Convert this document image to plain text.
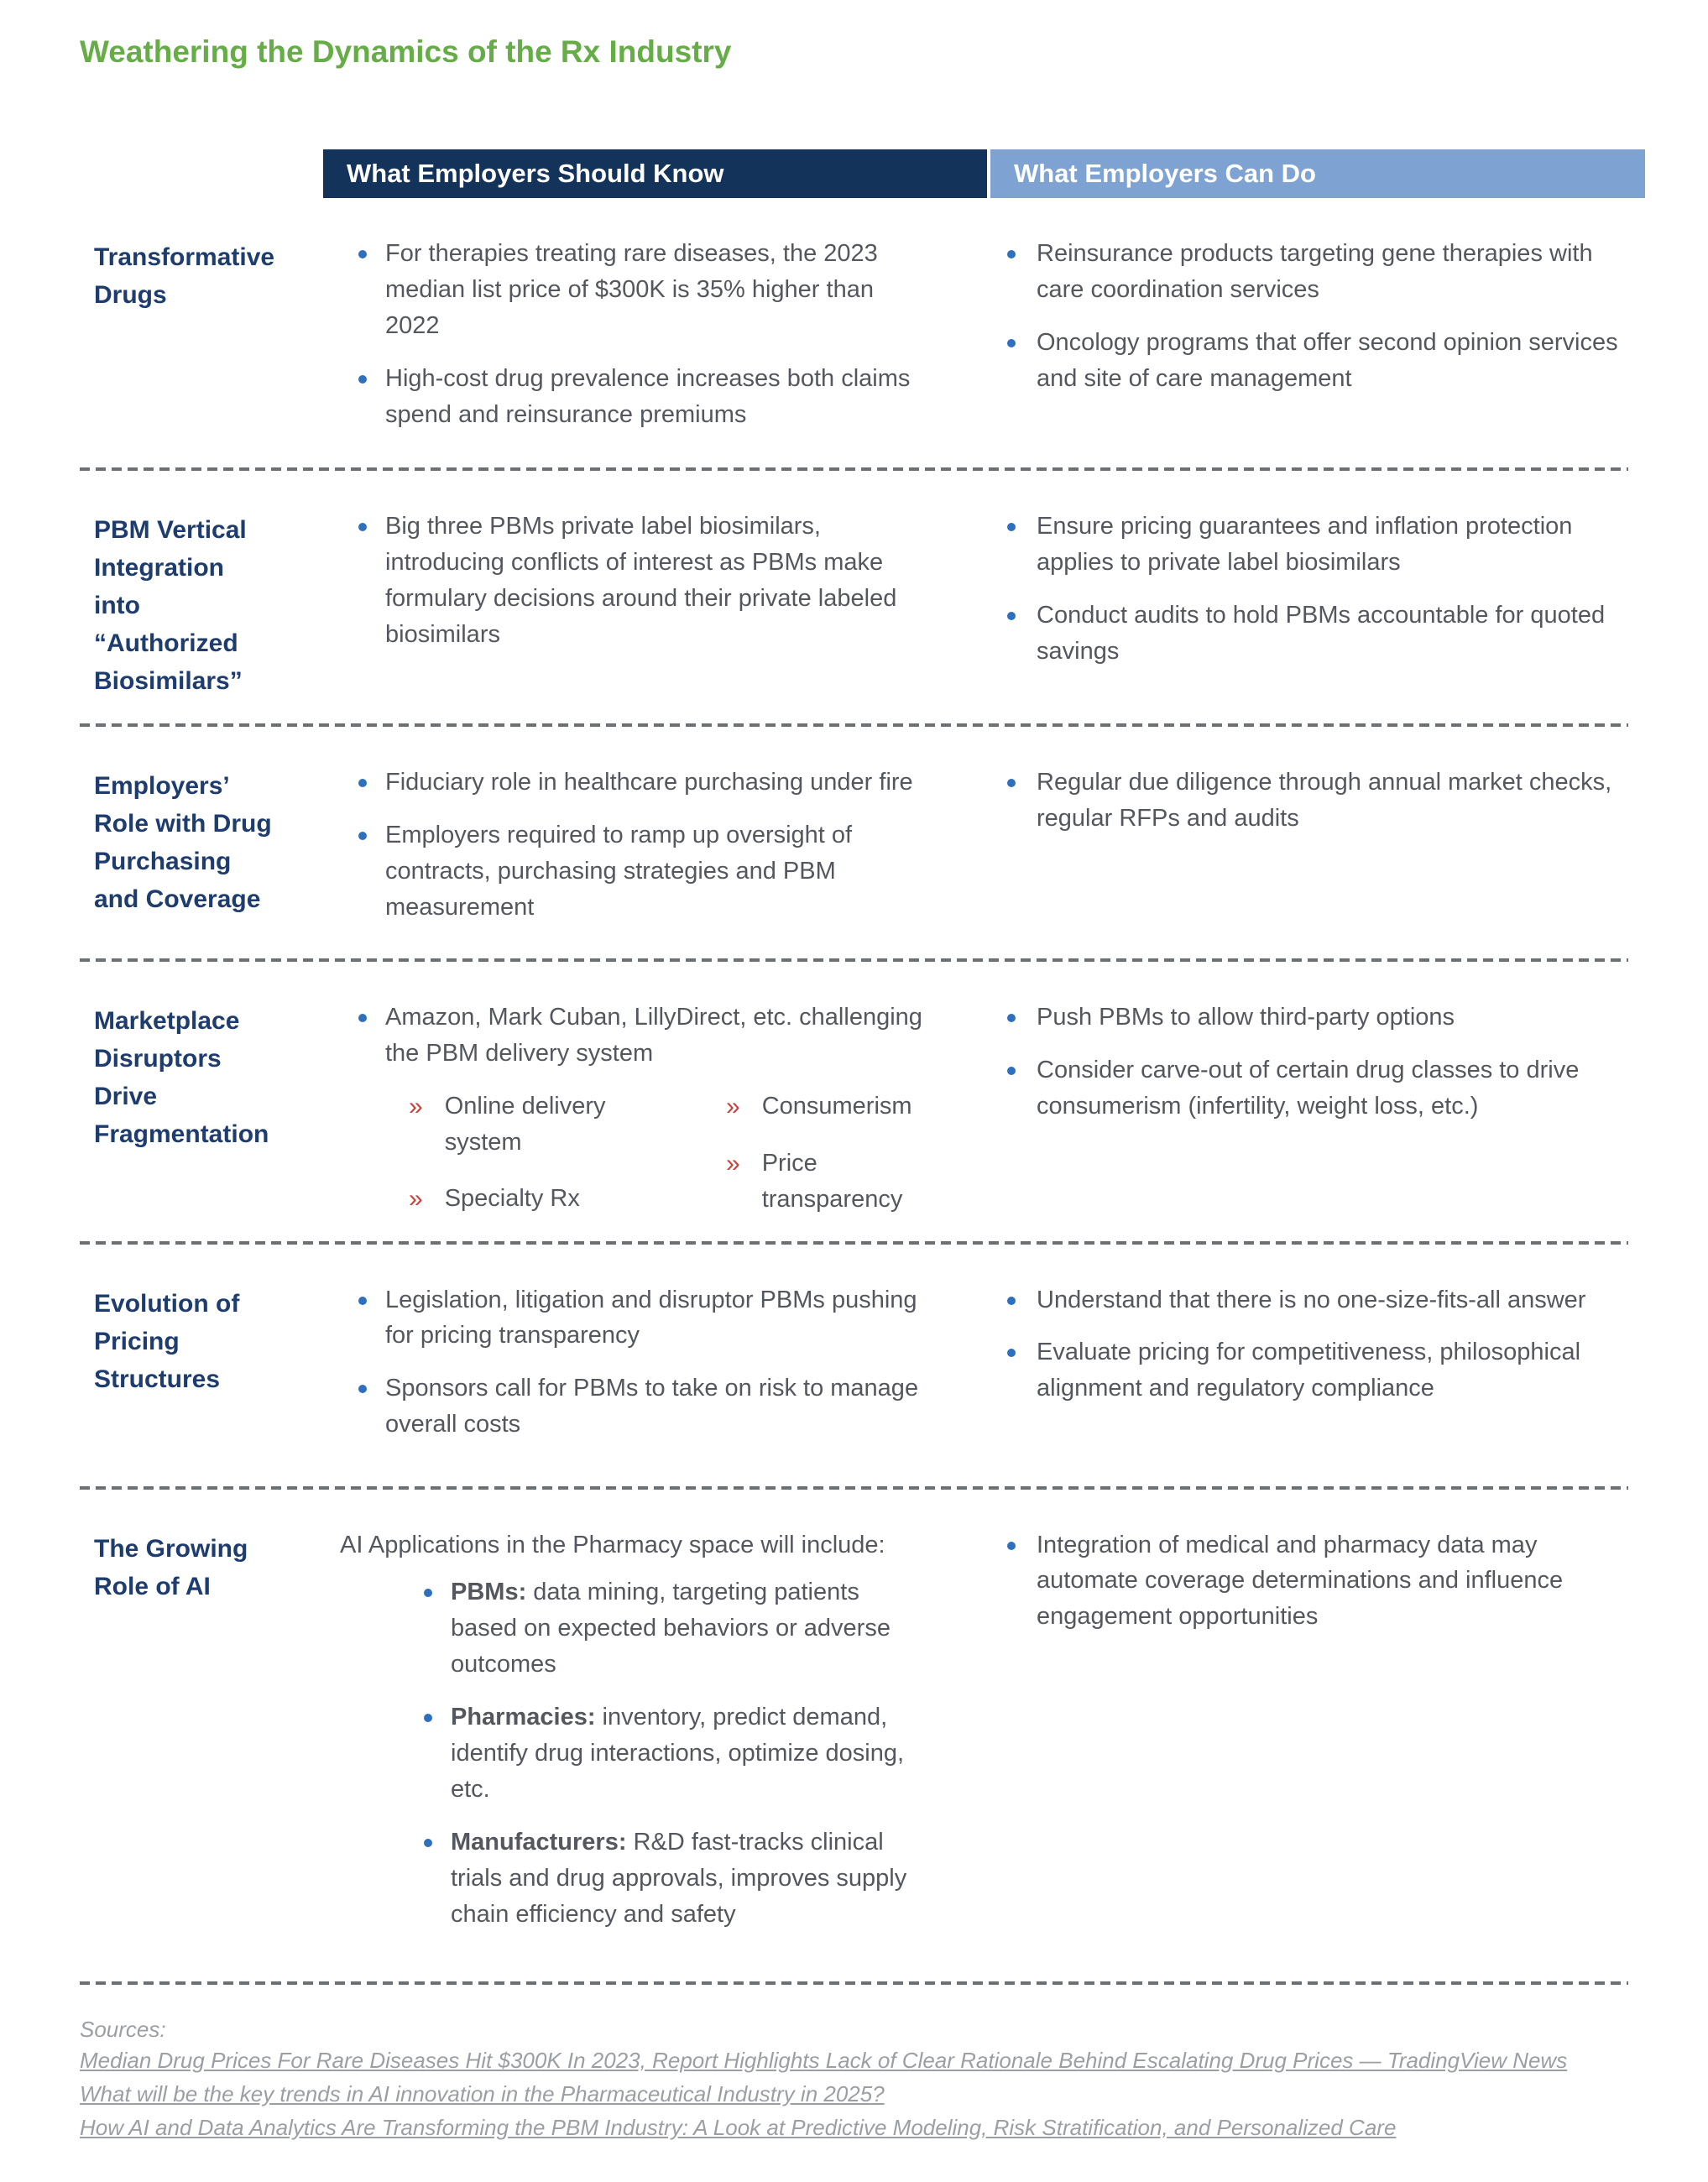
Weathering the Dynamics of the Rx Industry
What Employers Should Know	What Employers Can Do
Transformative Drugs

For therapies treating rare diseases, the 2023 median list price of $300K is 35% higher than 2022

High-cost drug prevalence increases both claims spend and reinsurance premiums

Reinsurance products targeting gene therapies with care coordination services

Oncology programs that offer second opinion services and site of care management

PBM Vertical Integration into “Authorized Biosimilars”

Big three PBMs private label biosimilars, introducing conflicts of interest as PBMs make formulary decisions around their private labeled biosimilars

Ensure pricing guarantees and inflation protection applies to private label biosimilars

Conduct audits to hold PBMs accountable for quoted savings

Employers’ Role with Drug Purchasing and Coverage

Fiduciary role in healthcare purchasing under fire

Employers required to ramp up oversight of contracts, purchasing strategies and PBM measurement

Regular due diligence through annual market checks, regular RFPs and audits

Marketplace Disruptors Drive Fragmentation

Amazon, Mark Cuban, LillyDirect, etc. challenging the PBM delivery system

» Online delivery system

» Specialty Rx

» Consumerism

» Price transparency

Push PBMs to allow third-party options

Consider carve-out of certain drug classes to drive consumerism (infertility, weight loss, etc.)

Evolution of Pricing Structures

Legislation, litigation and disruptor PBMs pushing for pricing transparency

Sponsors call for PBMs to take on risk to manage overall costs

Understand that there is no one-size-fits-all answer

Evaluate pricing for competitiveness, philosophical alignment and regulatory compliance

The Growing Role of AI

AI Applications in the Pharmacy space will include:

PBMs: data mining, targeting patients based on expected behaviors or adverse outcomes

Pharmacies: inventory, predict demand, identify drug interactions, optimize dosing, etc.

Manufacturers: R&D fast-tracks clinical trials and drug approvals, improves supply chain efficiency and safety

Integration of medical and pharmacy data may automate coverage determinations and influence engagement opportunities

Sources:

Median Drug Prices For Rare Diseases Hit $300K In 2023, Report Highlights Lack of Clear Rationale Behind Escalating Drug Prices — TradingView News
What will be the key trends in AI innovation in the Pharmaceutical Industry in 2025?
How AI and Data Analytics Are Transforming the PBM Industry: A Look at Predictive Modeling, Risk Stratification, and Personalized Care
